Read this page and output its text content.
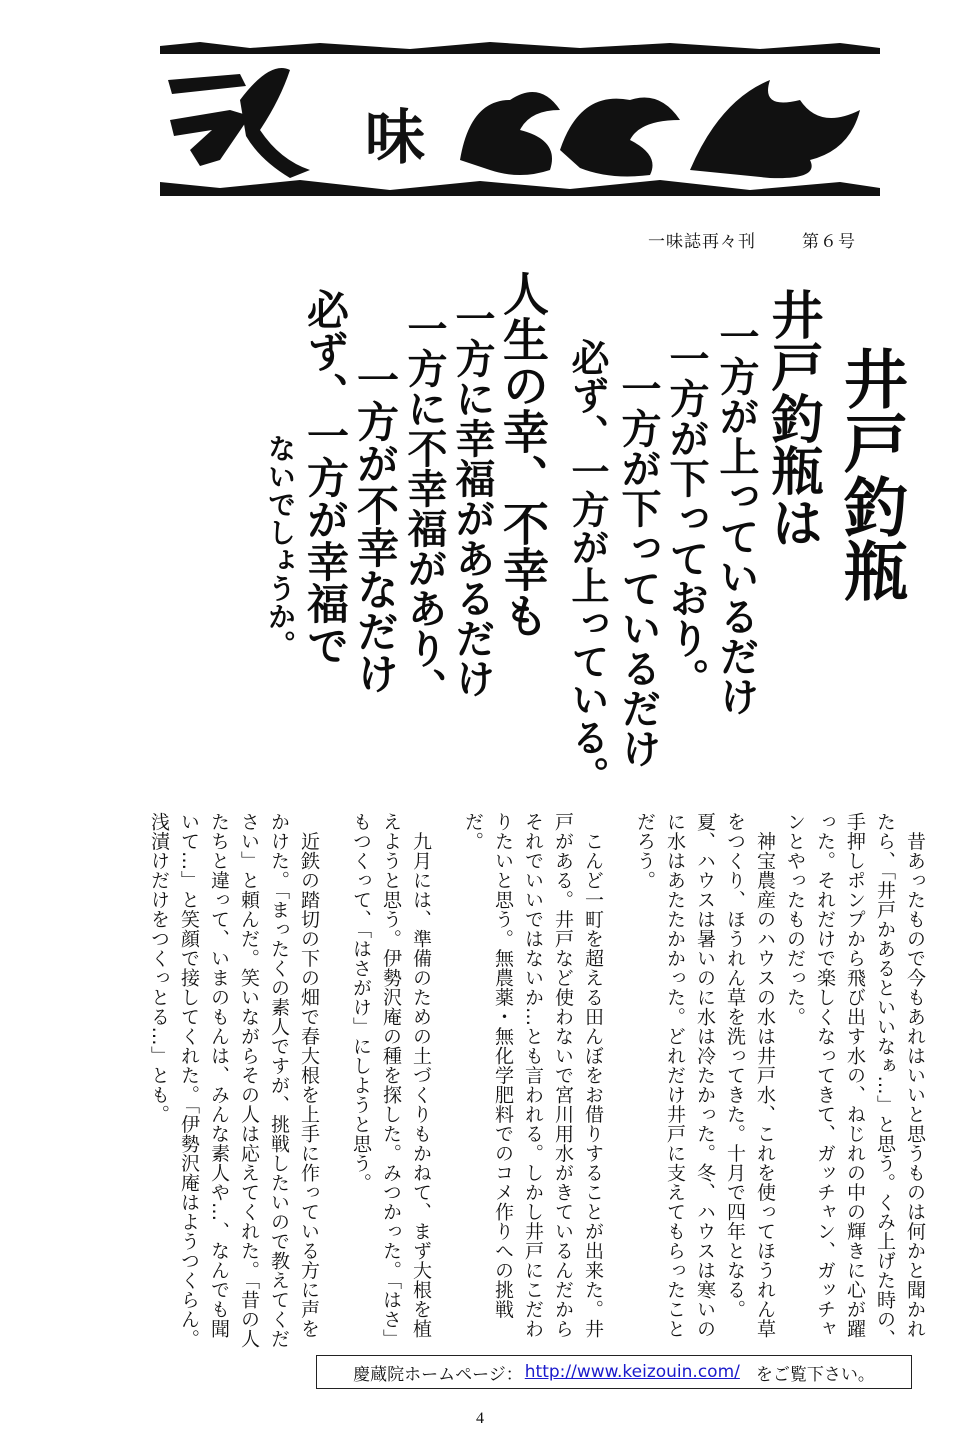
味
一味誌再々刊	第６号
井戸釣瓶
井戸釣瓶は
一方が上っているだけ
一方が下っており。
一方が下っているだけ
必ず、一方が上っている。
人生の幸、不幸も
一方に幸福があるだけ
一方に不幸福があり、
一方が不幸なだけ
必ず、一方が幸福で
ないでしょうか。

　昔あったもので今もあれはいいと思うものは何かと聞かれたら、「井戸かあるといいなぁ…」と思う。くみ上げた時の、手押しポンプから飛び出す水の、ねじれの中の輝きに心が躍った。それだけで楽しくなってきて、ガッチャン、ガッチャンとやったものだった。

　神宝農産のハウスの水は井戸水、これを使ってほうれん草をつくり、ほうれん草を洗ってきた。十月で四年となる。夏、ハウスは暑いのに水は冷たかった。冬、ハウスは寒いのに水はあたたかかった。どれだけ井戸に支えてもらったことだろう。

　こんど一町を超える田んぼをお借りすることが出来た。井戸がある。井戸など使わないで宮川用水がきているんだからそれでいいではないか…とも言われる。しかし井戸にこだわりたいと思う。無農薬・無化学肥料でのコメ作りへの挑戦だ。

　九月には、準備のための土づくりもかねて、まず大根を植えようと思う。伊勢沢庵の種を探した。みつかった。「はさ」もつくって、「はさがけ」にしようと思う。

　近鉄の踏切の下の畑で春大根を上手に作っている方に声をかけた。「まったくの素人ですが、挑戦したいので教えてください」と頼んだ。笑いながらその人は応えてくれた。「昔の人たちと違って、いまのもんは、みんな素人や…、なんでも聞いて…」と笑顔で接してくれた。「伊勢沢庵はようつくらん。浅漬けだけをつくっとる…」とも。

慶蔵院ホームページ： http://www.keizouin.com/ をご覧下さい。
4
